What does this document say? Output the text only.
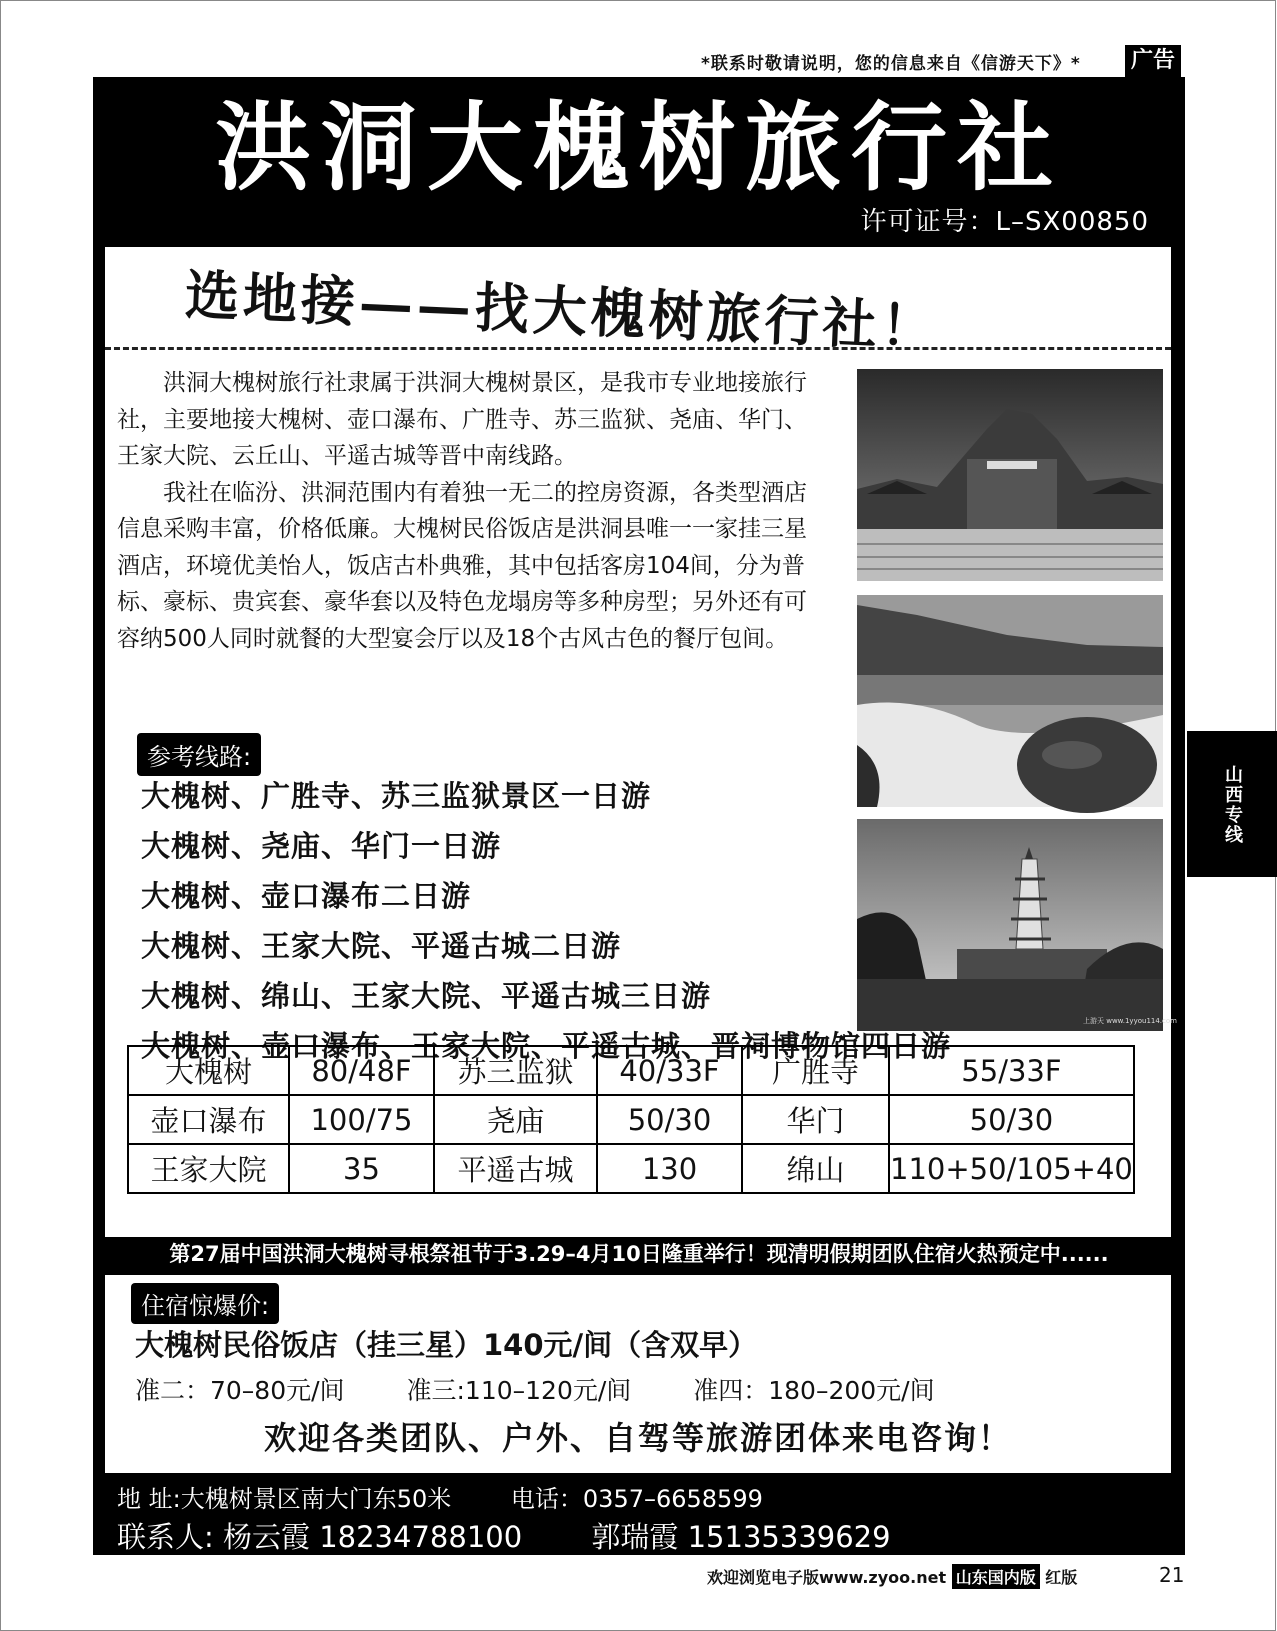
*联系时敬请说明，您的信息来自《信游天下》* 广告
洪洞大槐树旅行社
许可证号：L–SX00850
选地接——找大槐树旅行社！

洪洞大槐树旅行社隶属于洪洞大槐树景区，是我市专业地接旅行社，主要地接大槐树、壶口瀑布、广胜寺、苏三监狱、尧庙、华门、王家大院、云丘山、平遥古城等晋中南线路。

我社在临汾、洪洞范围内有着独一无二的控房资源，各类型酒店信息采购丰富，价格低廉。大槐树民俗饭店是洪洞县唯一一家挂三星酒店，环境优美怡人，饭店古朴典雅，其中包括客房104间，分为普标、豪标、贵宾套、豪华套以及特色龙塌房等多种房型；另外还有可容纳500人同时就餐的大型宴会厅以及18个古风古色的餐厅包间。

上游天 www.1yyou114.com
参考线路:
大槐树、广胜寺、苏三监狱景区一日游
大槐树、尧庙、华门一日游
大槐树、壶口瀑布二日游
大槐树、王家大院、平遥古城二日游
大槐树、绵山、王家大院、平遥古城三日游
大槐树、壶口瀑布、王家大院、平遥古城、晋祠博物馆四日游
大槐树	80/48F	苏三监狱	40/33F	广胜寺	55/33F
壶口瀑布	100/75	尧庙	50/30	华门	50/30
王家大院	35	平遥古城	130	绵山	110+50/105+40
第27届中国洪洞大槐树寻根祭祖节于3.29–4月10日隆重举行！现清明假期团队住宿火热预定中......
住宿惊爆价:
大槐树民俗饭店（挂三星）140元/间（含双早）
准二：70–80元/间 准三:110–120元/间 准四：180–200元/间
欢迎各类团队、户外、自驾等旅游团体来电咨询！
地 址:大槐树景区南大门东50米 电话：0357–6658599
联系人: 杨云霞 18234788100 郭瑞霞 15135339629
山西专线
欢迎浏览电子版www.zyoo.net 山东国内版 红版	21
